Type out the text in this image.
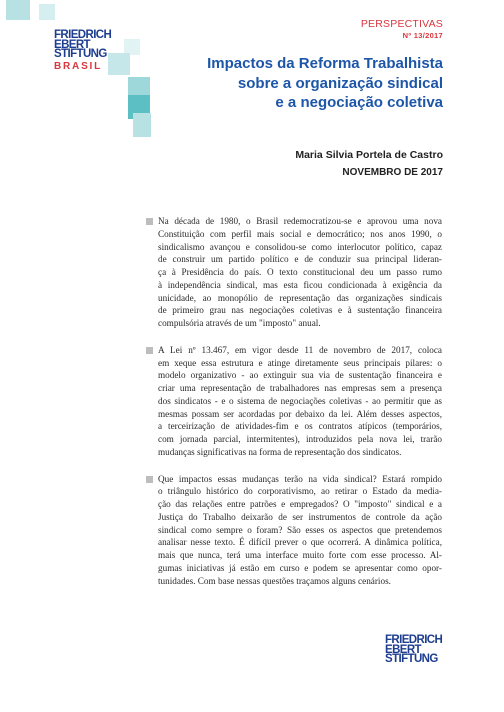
FRIEDRICH
EBERT
STIFTUNG
BRASIL
PERSPECTIVAS
Nº 13/2017
Impactos da Reforma Trabalhista
sobre a organização sindical
e a negociação coletiva
Maria Silvia Portela de Castro
NOVEMBRO DE 2017
Na década de 1980, o Brasil redemocratizou-se e aprovou uma nova
Constituição com perfil mais social e democrático; nos anos 1990, o
sindicalismo avançou e consolidou-se como interlocutor político, capaz
de construir um partido político e de conduzir sua principal lideran-
ça à Presidência do país. O texto constitucional deu um passo rumo
à independência sindical, mas esta ficou condicionada à exigência da
unicidade, ao monopólio de representação das organizações sindicais
de primeiro grau nas negociações coletivas e à sustentação financeira
compulsória através de um "imposto" anual.
A Lei nº 13.467, em vigor desde 11 de novembro de 2017, coloca
em xeque essa estrutura e atinge diretamente seus principais pilares: o
modelo organizativo - ao extinguir sua via de sustentação financeira e
criar uma representação de trabalhadores nas empresas sem a presença
dos sindicatos - e o sistema de negociações coletivas - ao permitir que as
mesmas possam ser acordadas por debaixo da lei. Além desses aspectos,
a terceirização de atividades-fim e os contratos atípicos (temporários,
com jornada parcial, intermitentes), introduzidos pela nova lei, trarão
mudanças significativas na forma de representação dos sindicatos.
Que impactos essas mudanças terão na vida sindical? Estará rompido
o triângulo histórico do corporativismo, ao retirar o Estado da media-
ção das relações entre patrões e empregados? O "imposto" sindical e a
Justiça do Trabalho deixarão de ser instrumentos de controle da ação
sindical como sempre o foram? São esses os aspectos que pretendemos
analisar nesse texto. É difícil prever o que ocorrerá. A dinâmica política,
mais que nunca, terá uma interface muito forte com esse processo. Al-
gumas iniciativas já estão em curso e podem se apresentar como opor-
tunidades. Com base nessas questões traçamos alguns cenários.
FRIEDRICH
EBERT
STIFTUNG
